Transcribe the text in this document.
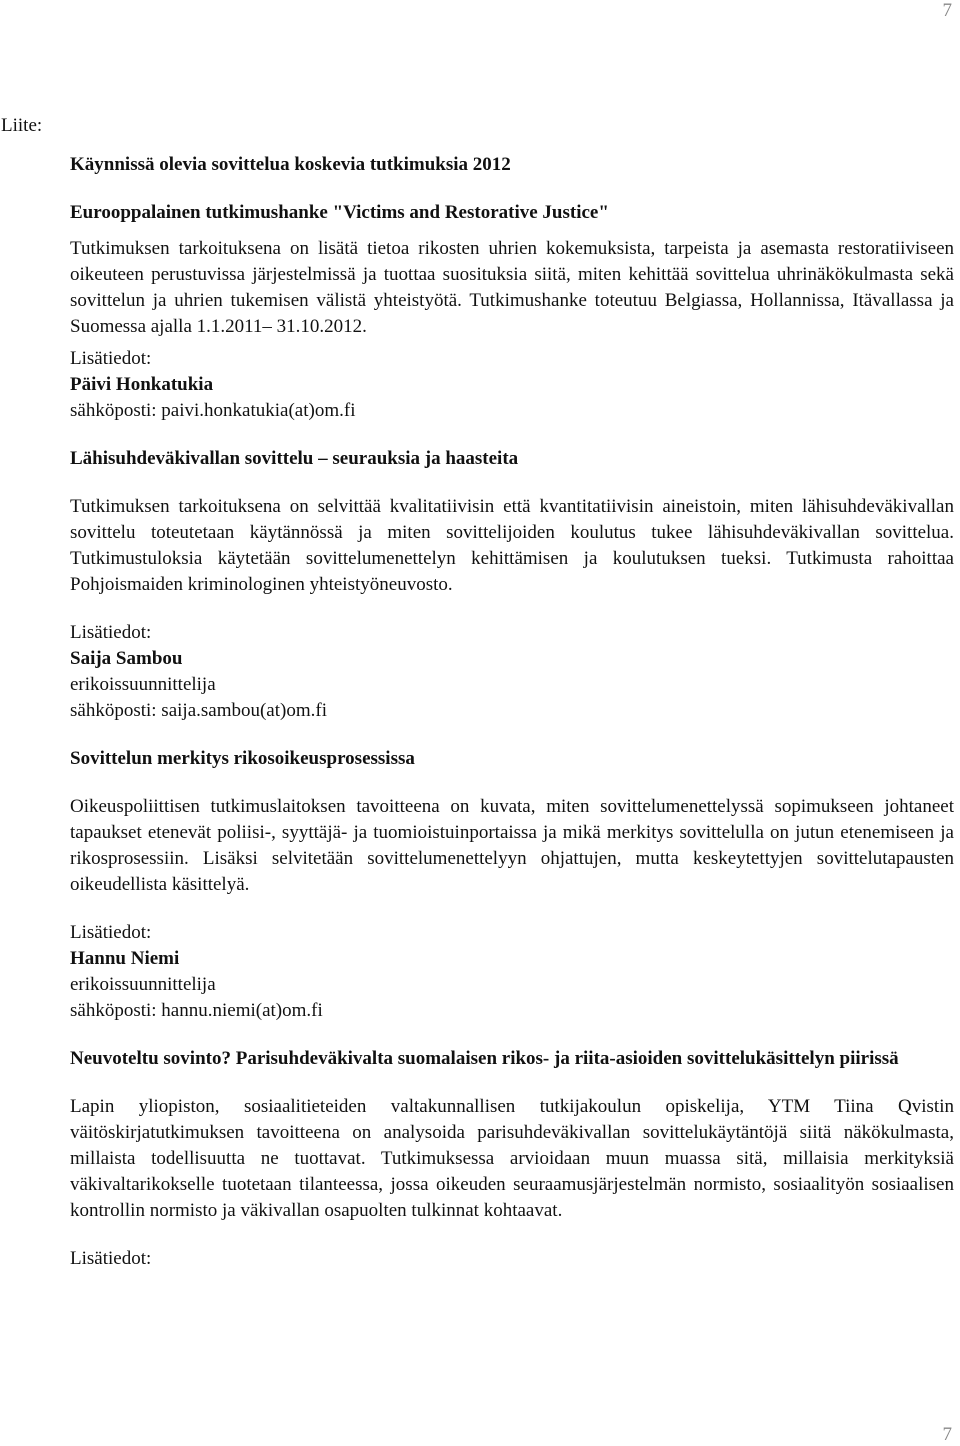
7
Liite:

Käynnissä olevia sovittelua koskevia tutkimuksia 2012

Eurooppalainen tutkimushanke "Victims and Restorative Justice"

Tutkimuksen tarkoituksena on lisätä tietoa rikosten uhrien kokemuksista, tarpeista ja asemasta restoratiiviseen oikeuteen perustuvissa järjestelmissä ja tuottaa suosituksia siitä, miten kehittää sovittelua uhrinäkökulmasta sekä sovittelun ja uhrien tukemisen välistä yhteistyötä. Tutkimushanke toteutuu Belgiassa, Hollannissa, Itävallassa ja Suomessa ajalla 1.1.2011– 31.10.2012.

Lisätiedot:

Päivi Honkatukia

sähköposti: paivi.honkatukia(at)om.fi

Lähisuhdeväkivallan sovittelu – seurauksia ja haasteita

Tutkimuksen tarkoituksena on selvittää kvalitatiivisin että kvantitatiivisin aineistoin, miten lähisuhdeväkivallan sovittelu toteutetaan käytännössä ja miten sovittelijoiden koulutus tukee lähisuhdeväkivallan sovittelua. Tutkimustuloksia käytetään sovittelumenettelyn kehittämisen ja koulutuksen tueksi. Tutkimusta rahoittaa Pohjoismaiden kriminologinen yhteistyöneuvosto.

Lisätiedot:

Saija Sambou

erikoissuunnittelija

sähköposti: saija.sambou(at)om.fi

Sovittelun merkitys rikosoikeusprosessissa

Oikeuspoliittisen tutkimuslaitoksen tavoitteena on kuvata, miten sovittelumenettelyssä sopimukseen johtaneet tapaukset etenevät poliisi-, syyttäjä- ja tuomioistuinportaissa ja mikä merkitys sovittelulla on jutun etenemiseen ja rikosprosessiin. Lisäksi selvitetään sovittelumenettelyyn ohjattujen, mutta keskeytettyjen sovittelutapausten oikeudellista käsittelyä.

Lisätiedot:

Hannu Niemi

erikoissuunnittelija

sähköposti: hannu.niemi(at)om.fi

Neuvoteltu sovinto? Parisuhdeväkivalta suomalaisen rikos- ja riita-asioiden sovittelukäsittelyn piirissä

Lapin yliopiston, sosiaalitieteiden valtakunnallisen tutkijakoulun opiskelija, YTM Tiina Qvistin väitöskirjatutkimuksen tavoitteena on analysoida parisuhdeväkivallan sovittelukäytäntöjä siitä näkökulmasta, millaista todellisuutta ne tuottavat. Tutkimuksessa arvioidaan muun muassa sitä, millaisia merkityksiä väkivaltarikokselle tuotetaan tilanteessa, jossa oikeuden seuraamusjärjestelmän normisto, sosiaalityön sosiaalisen kontrollin normisto ja väkivallan osapuolten tulkinnat kohtaavat.

Lisätiedot:

7
